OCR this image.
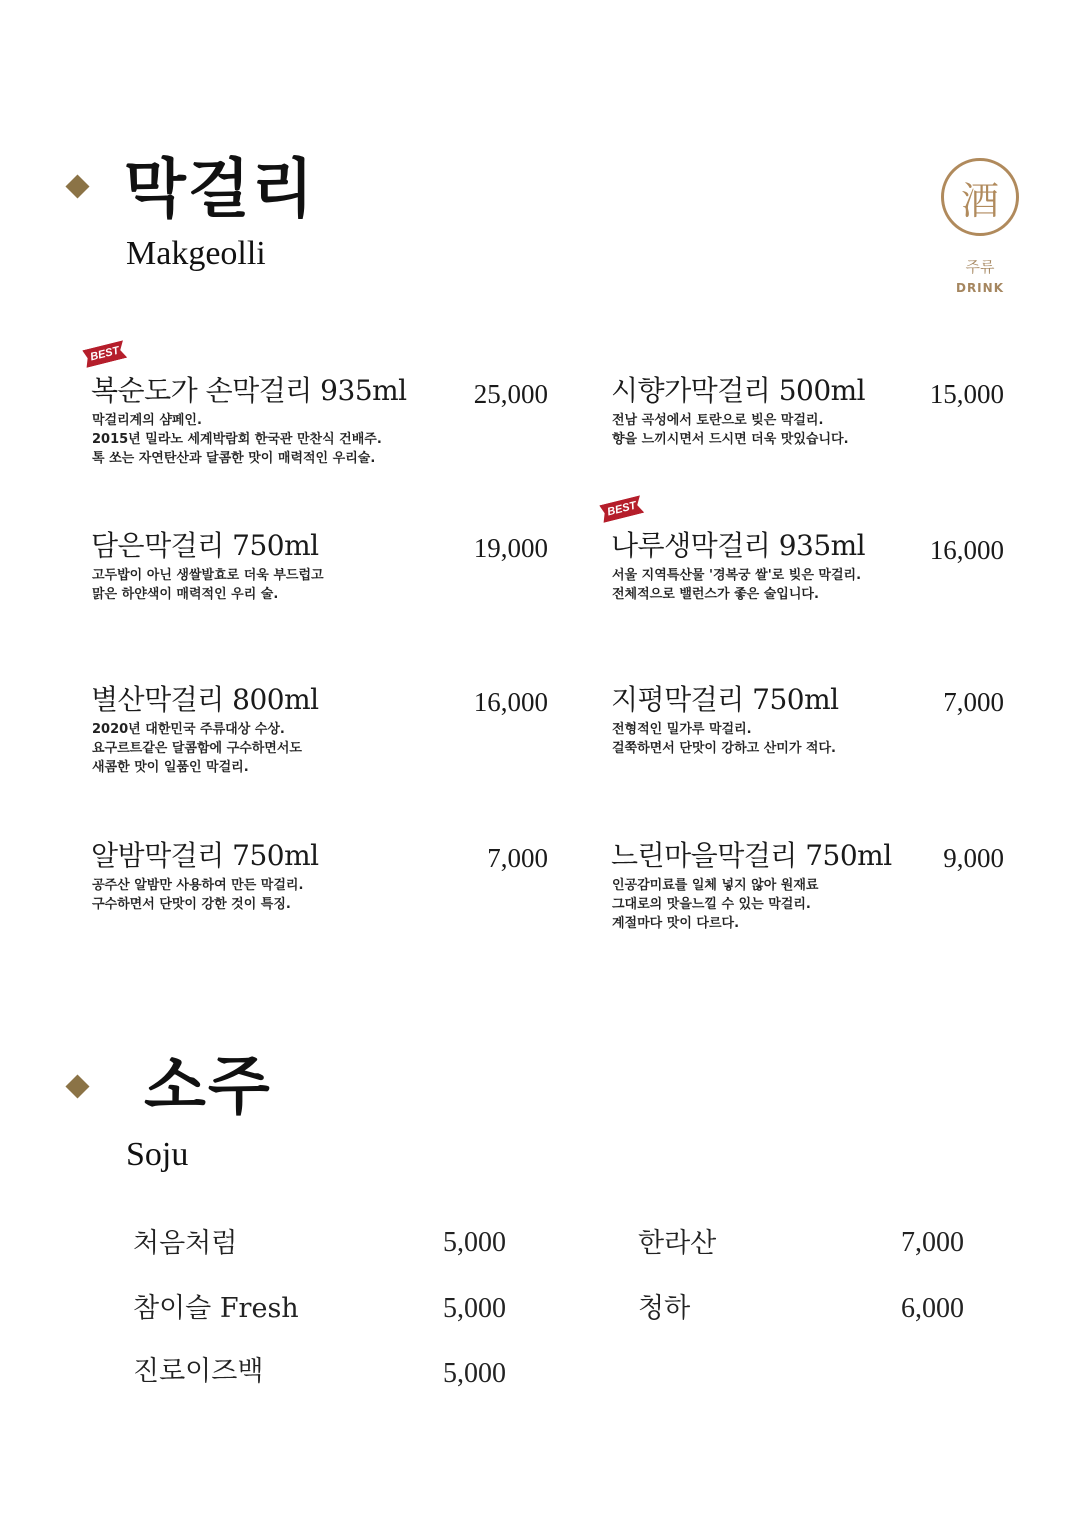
막걸리
Makgeolli
酒
주류
DRINK
BEST
복순도가 손막걸리 935ml	25,000
막걸리계의 샴페인.
2015년 밀라노 세계박람회 한국관 만찬식 건배주.
톡 쏘는 자연탄산과 달콤한 맛이 매력적인 우리술.
시향가막걸리 500ml	15,000
전남 곡성에서 토란으로 빚은 막걸리.
향을 느끼시면서 드시면 더욱 맛있습니다.
담은막걸리 750ml	19,000
고두밥이 아닌 생쌀발효로 더욱 부드럽고
맑은 하얀색이 매력적인 우리 술.
BEST
나루생막걸리 935ml	16,000
서울 지역특산물 '경복궁 쌀'로 빚은 막걸리.
전체적으로 밸런스가 좋은 술입니다.
별산막걸리 800ml	16,000
2020년 대한민국 주류대상 수상.
요구르트같은 달콤함에 구수하면서도
새콤한 맛이 일품인 막걸리.
지평막걸리 750ml	7,000
전형적인 밀가루 막걸리.
걸쭉하면서 단맛이 강하고 산미가 적다.
알밤막걸리 750ml	7,000
공주산 알밤만 사용하여 만든 막걸리.
구수하면서 단맛이 강한 것이 특징.
느린마을막걸리 750ml	9,000
인공감미료를 일체 넣지 않아 원재료
그대로의 맛을느낄 수 있는 막걸리.
계절마다 맛이 다르다.
소주
Soju
처음처럼	5,000	한라산	7,000
참이슬 Fresh	5,000	청하	6,000
진로이즈백	5,000
